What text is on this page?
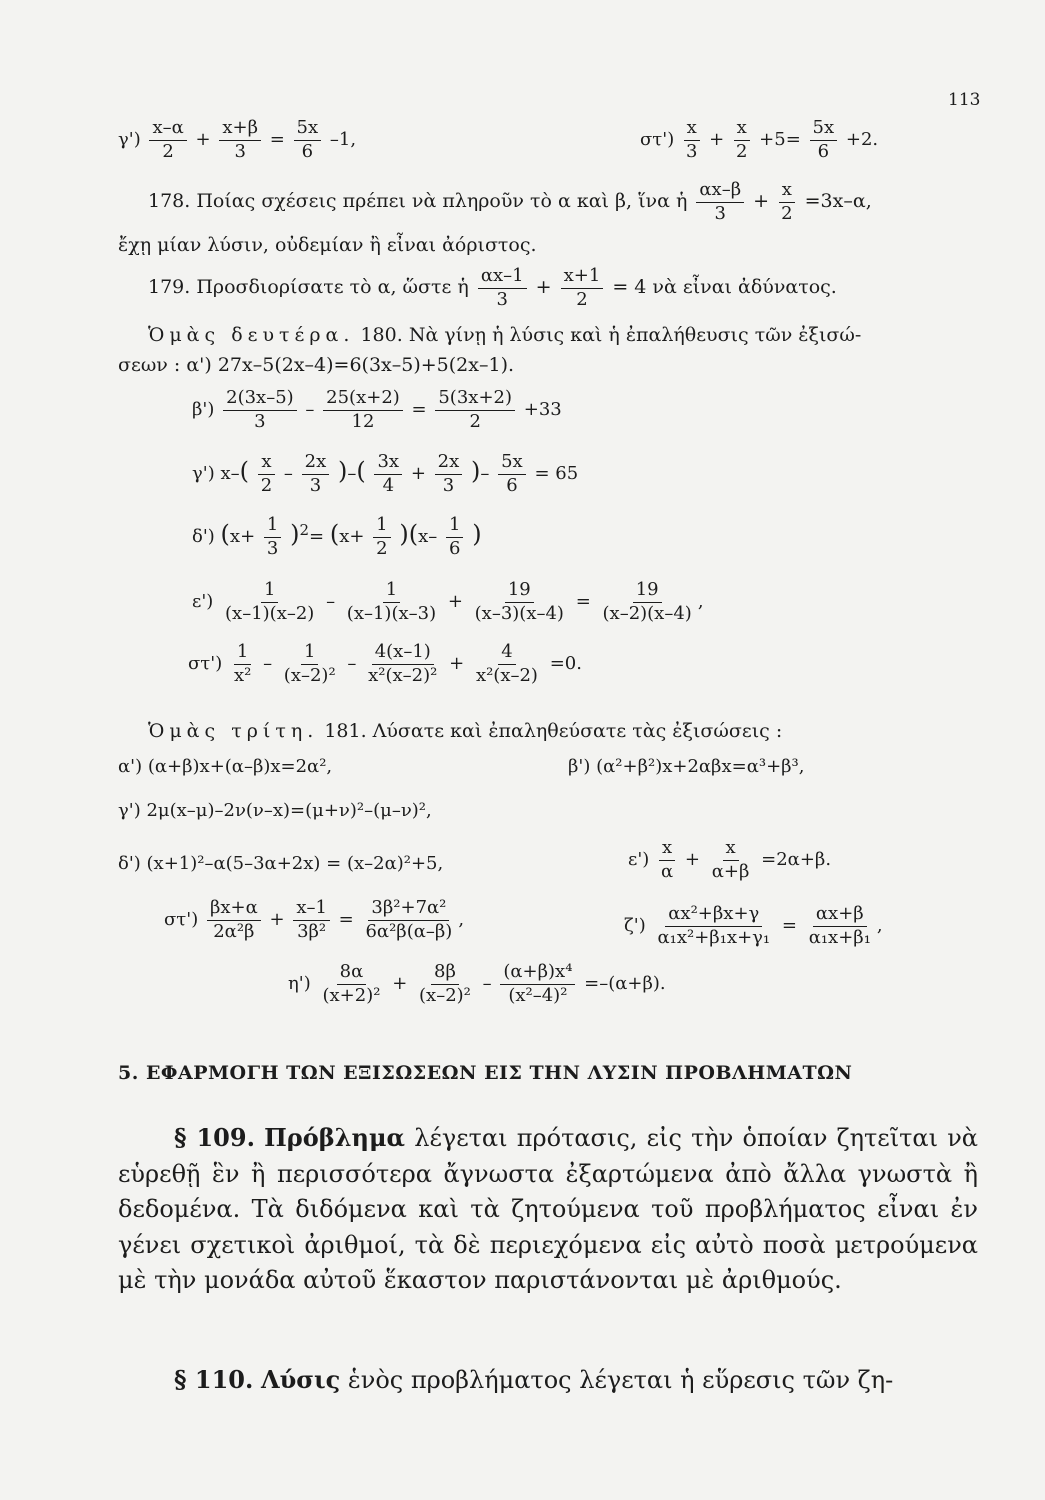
113
$\gamma') \frac{x-\alpha}{2} + \frac{x+\beta}{3} = \frac{5x}{6} -1$,	$\sigma\tau') \frac{x}{3} + \frac{x}{2} +5= \frac{5x}{6} +2$.
178. Ποίας σχέσεις πρέπει νὰ πληροῦν τὸ α καὶ β, ἵνα ἡ $\frac{\alpha x-\beta}{3} + \frac{x}{2} =3x-\alpha$,
ἔχῃ μίαν λύσιν, οὐδεμίαν ἢ εἶναι ἀόριστος.
179. Προσδιορίσατε τὸ α, ὥστε ἡ $\frac{\alpha x-1}{3} + \frac{x+1}{2} = 4$ νὰ εἶναι ἀδύνατος.
Ὁμὰς δευτέρα. 180. Νὰ γίνῃ ἡ λύσις καὶ ἡ ἐπαλήθευσις τῶν ἐξισώ-
σεων : α') 27x–5(2x–4)=6(3x–5)+5(2x–1).
$\beta') \frac{2(3x-5)}{3} - \frac{25(x+2)}{12} = \frac{5(3x+2)}{2} +33$
γ') $x-( \frac{x}{2} - \frac{2x}{3}$ )–( $\frac{3x}{4} + \frac{2x}{3}$ )– $\frac{5x}{6} = 65$
δ') $(x+ \frac{1}{3} )^2= (x+ \frac{1}{2} )(x- \frac{1}{6}$ )
$\varepsilon') \frac{1}{(x-1)(x-2)} - \frac{1}{(x-1)(x-3)} + \frac{19}{(x-3)(x-4)} = \frac{19}{(x-2)(x-4)}$ ,
$\sigma\tau') \frac{1}{\text{x²}} - \frac{1}{\text{(x–2)²}} - \frac{4(x-1)}{\text{x²(x–2)²}} + \frac{4}{\text{x²(x–2)}} =0$.
Ὁμὰς τρίτη. 181. Λύσατε καὶ ἐπαληθεύσατε τὰς ἐξισώσεις :
α') (α+β)x+(α–β)x=2α²,	β') (α²+β²)x+2αβx=α³+β³,
γ') 2μ(x–μ)–2ν(ν–x)=(μ+ν)²–(μ–ν)²,
δ') (x+1)²–α(5–3α+2x) = (x–2α)²+5,	$\varepsilon') \frac{x}{\alpha} + \frac{x}{\alpha+\beta} =2\alpha+\beta$.
$\sigma\tau') \frac{\beta x+\alpha}{\text{2α²β}} + \frac{x-1}{\text{3β²}} = \frac{\text{3β²+7α²}}{\text{6α²β(α–β)}}$ ,	$\zeta') \frac{\text{αx²+βx+γ}}{\text{α₁x²+β₁x+γ₁}} = \frac{\alpha x+\beta}{\text{α₁x+β₁}}$ ,
$\eta') \frac{8\alpha}{\text{(x+2)²}} + \frac{8\beta}{\text{(x–2)²}} - \frac{\text{(α+β)x⁴}}{\text{(x²–4)²}} =-(\alpha+\beta)$.
5. ΕΦΑΡΜΟΓΗ ΤΩΝ ΕΞΙΣΩΣΕΩΝ ΕΙΣ ΤΗΝ ΛΥΣΙΝ ΠΡΟΒΛΗΜΑΤΩΝ
§ 109. Πρόβλημα λέγεται πρότασις, εἰς τὴν ὁποίαν ζητεῖται νὰ εὑρεθῇ ἓν ἢ περισσότερα ἄγνωστα ἐξαρτώμενα ἀπὸ ἄλλα γνωστὰ ἢ δεδομένα. Τὰ διδόμενα καὶ τὰ ζητούμενα τοῦ προβλήματος εἶναι ἐν γένει σχετικοὶ ἀριθμοί, τὰ δὲ περιεχόμενα εἰς αὐτὸ ποσὰ μετρούμενα μὲ τὴν μονάδα αὐτοῦ ἕκαστον παριστάνονται μὲ ἀριθμούς.
§ 110. Λύσις ἑνὸς προβλήματος λέγεται ἡ εὕρεσις τῶν ζη-
